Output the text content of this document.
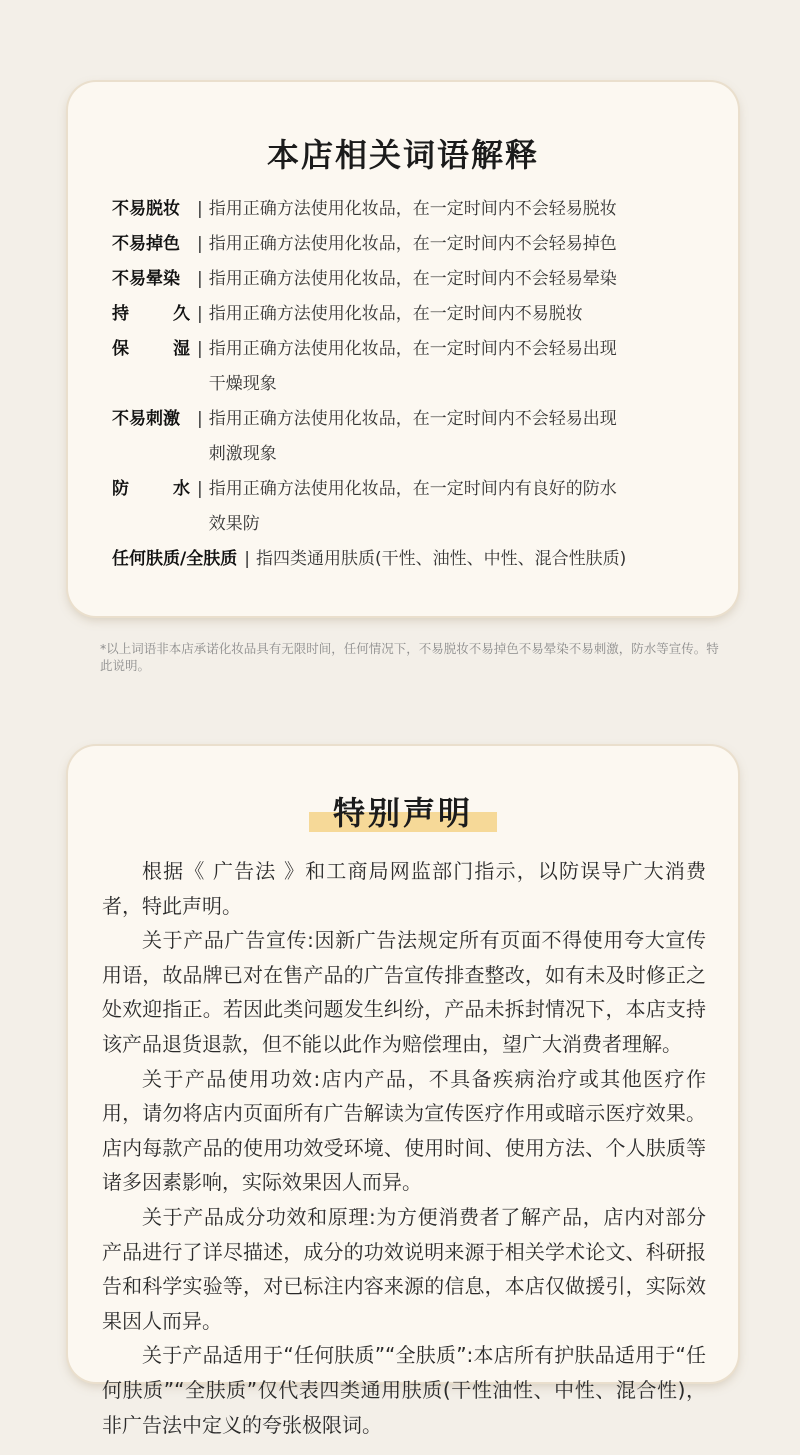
本店相关词语解释
不易脱妆	| 指用正确方法使用化妆品，在一定时间内不会轻易脱妆
不易掉色	| 指用正确方法使用化妆品，在一定时间内不会轻易掉色
不易晕染	| 指用正确方法使用化妆品，在一定时间内不会轻易晕染
持	久 | 指用正确方法使用化妆品，在一定时间内不易脱妆
保	湿 | 指用正确方法使用化妆品，在一定时间内不会轻易出现
干燥现象
不易刺激	| 指用正确方法使用化妆品，在一定时间内不会轻易出现
刺激现象
防	水 | 指用正确方法使用化妆品，在一定时间内有良好的防水
效果防
任何肤质/全肤质 | 指四类通用肤质(干性、油性、中性、混合性肤质)
*以上词语非本店承诺化妆品具有无限时间，任何情况下，不易脱妆不易掉色不易晕染不易刺激，防水等宣传。特此说明。
特别声明

根据《 广告法 》和工商局网监部门指示，以防误导广大消费者，特此声明。

关于产品广告宣传:因新广告法规定所有页面不得使用夸大宣传用语，故品牌已对在售产品的广告宣传排查整改，如有未及时修正之处欢迎指正。若因此类问题发生纠纷，产品未拆封情况下，本店支持该产品退货退款，但不能以此作为赔偿理由，望广大消费者理解。

关于产品使用功效:店内产品，不具备疾病治疗或其他医疗作用，请勿将店内页面所有广告解读为宣传医疗作用或暗示医疗效果。店内每款产品的使用功效受环境、使用时间、使用方法、个人肤质等诸多因素影响，实际效果因人而异。

关于产品成分功效和原理:为方便消费者了解产品，店内对部分产品进行了详尽描述，成分的功效说明来源于相关学术论文、科研报告和科学实验等，对已标注内容来源的信息，本店仅做援引，实际效果因人而异。

关于产品适用于“任何肤质”“全肤质”:本店所有护肤品适用于“任何肤质”“全肤质”仅代表四类通用肤质(干性油性、中性、混合性)，非广告法中定义的夸张极限词。
